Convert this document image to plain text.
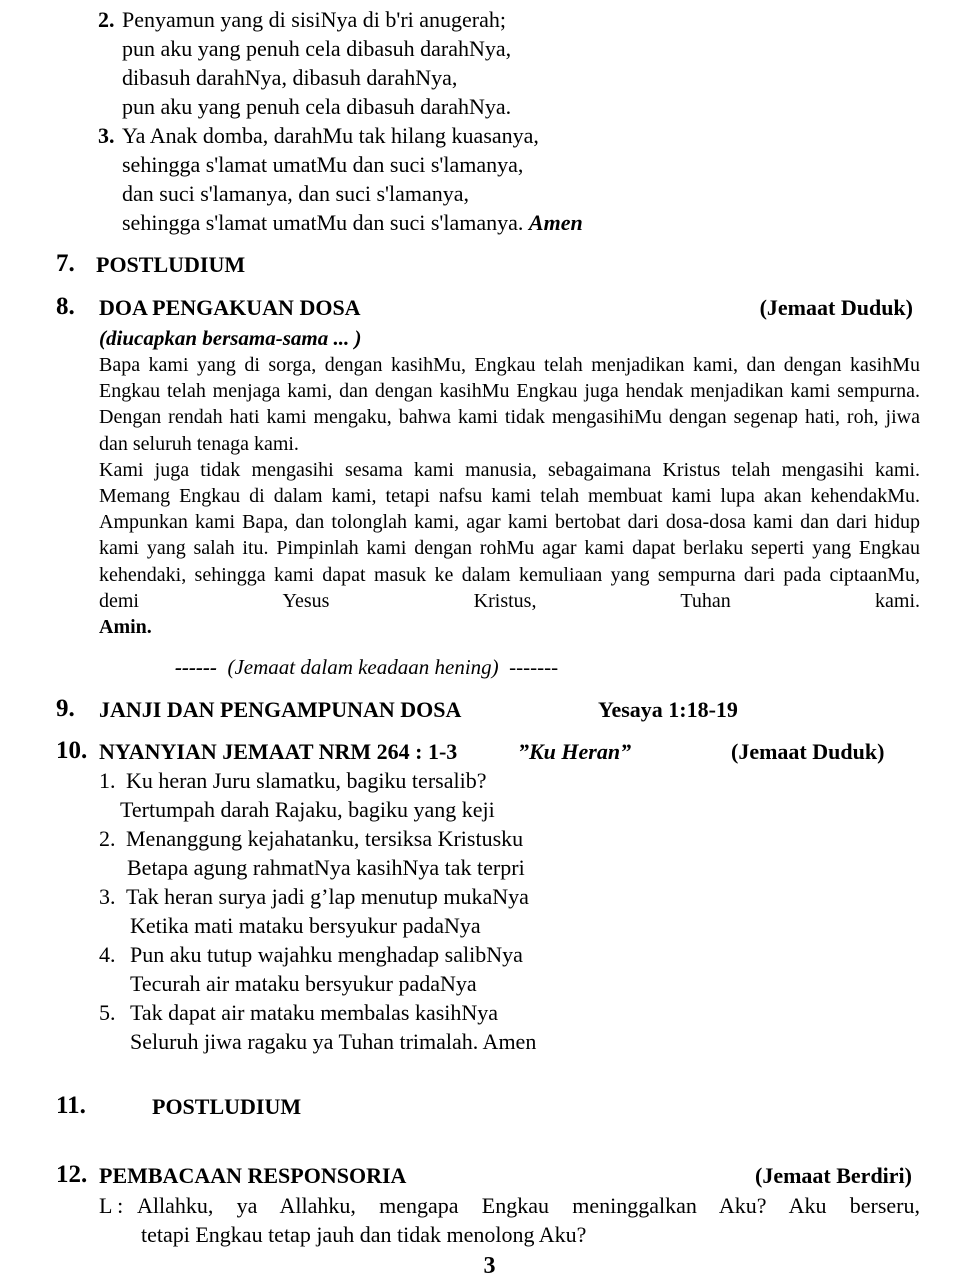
2. Penyamun yang di sisiNya di b'ri anugerah;
pun aku yang penuh cela dibasuh darahNya,
dibasuh darahNya, dibasuh darahNya,
pun aku yang penuh cela dibasuh darahNya.
3. Ya Anak domba, darahMu tak hilang kuasanya,
sehingga s'lamat umatMu dan suci s'lamanya,
dan suci s'lamanya, dan suci s'lamanya,
sehingga s'lamat umatMu dan suci s'lamanya. Amen
7. POSTLUDIUM
8. DOA PENGAKUAN DOSA	(Jemaat Duduk)
(diucapkan bersama-sama ... )

Bapa kami yang di sorga, dengan kasihMu, Engkau telah menjadikan kami, dan dengan kasihMu Engkau telah menjaga kami, dan dengan kasihMu Engkau juga hendak menjadikan kami sempurna. Dengan rendah hati kami mengaku, bahwa kami tidak mengasihiMu dengan segenap hati, roh, jiwa dan seluruh tenaga kami.

Kami juga tidak mengasihi sesama kami manusia, sebagaimana Kristus telah mengasihi kami. Memang Engkau di dalam kami, tetapi nafsu kami telah membuat kami lupa akan kehendakMu. Ampunkan kami Bapa, dan tolonglah kami, agar kami bertobat dari dosa-dosa kami dan dari hidup kami yang salah itu. Pimpinlah kami dengan rohMu agar kami dapat berlaku seperti yang Engkau kehendaki, sehingga kami dapat masuk ke dalam kemuliaan yang sempurna dari pada ciptaanMu, demi Yesus Kristus, Tuhan kami.

Amin.

------ (Jemaat dalam keadaan hening) -------
9. JANJI DAN PENGAMPUNAN DOSA	Yesaya 1:18-19
10. NYANYIAN JEMAAT NRM 264 : 1-3	”Ku Heran”	(Jemaat Duduk)
1. Ku heran Juru slamatku, bagiku tersalib?
Tertumpah darah Rajaku, bagiku yang keji
2. Menanggung kejahatanku, tersiksa Kristusku
Betapa agung rahmatNya kasihNya tak terpri
3. Tak heran surya jadi g’lap menutup mukaNya
Ketika mati mataku bersyukur padaNya
4. Pun aku tutup wajahku menghadap salibNya
Tecurah air mataku bersyukur padaNya
5. Tak dapat air mataku membalas kasihNya
Seluruh jiwa ragaku ya Tuhan trimalah. Amen
11.	POSTLUDIUM
12. PEMBACAAN RESPONSORIA	(Jemaat Berdiri)
L : Allahku, ya Allahku, mengapa Engkau meninggalkan Aku? Aku berseru,
tetapi Engkau tetap jauh dan tidak menolong Aku?
3
